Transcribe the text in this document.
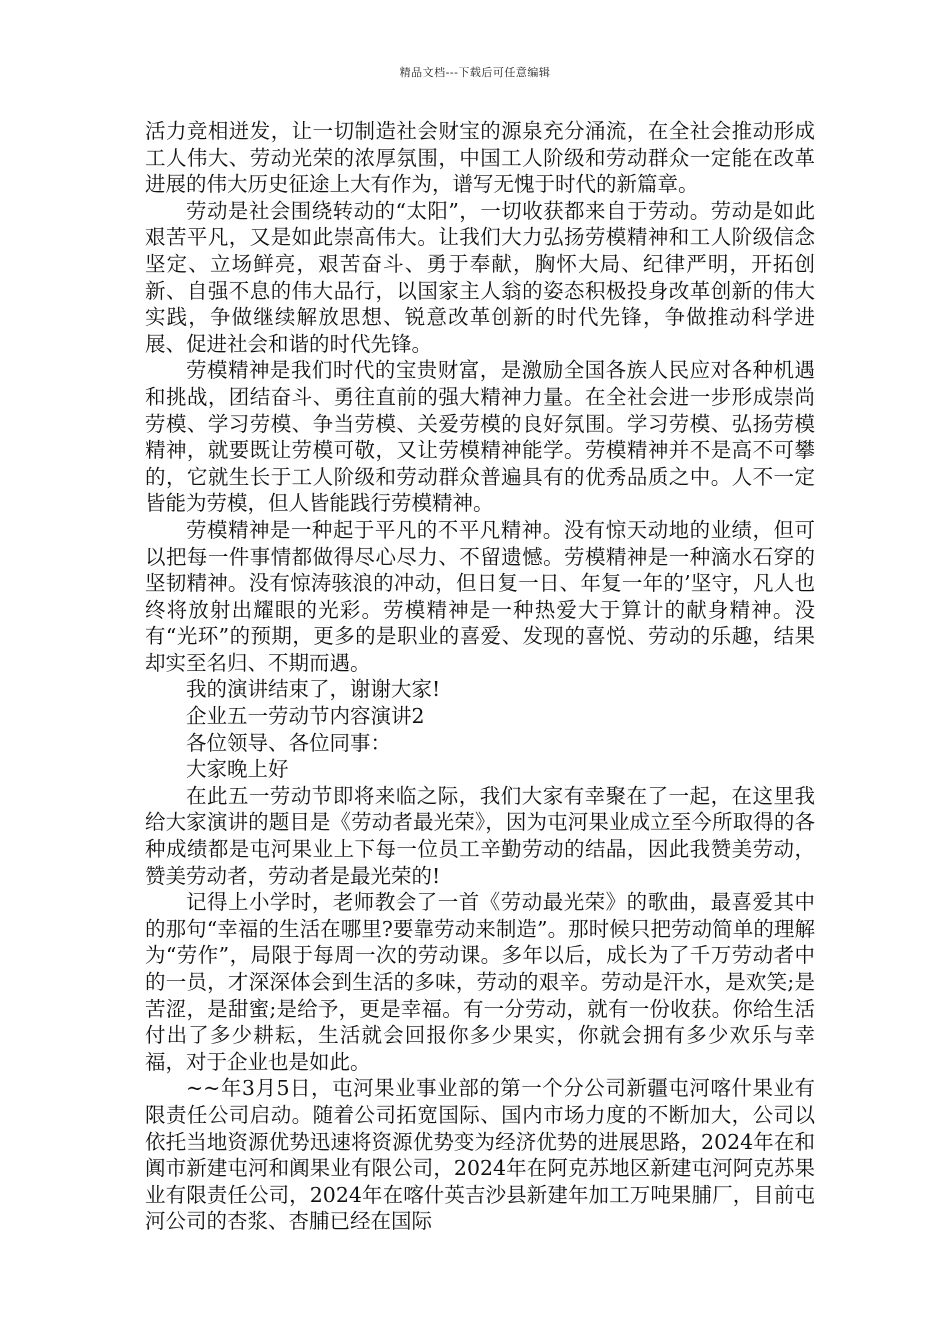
精品文档---下载后可任意编辑

活力竞相迸发，让一切制造社会财宝的源泉充分涌流，在全社会推动形成工人伟大、劳动光荣的浓厚氛围，中国工人阶级和劳动群众一定能在改革进展的伟大历史征途上大有作为，谱写无愧于时代的新篇章。

劳动是社会围绕转动的“太阳”，一切收获都来自于劳动。劳动是如此艰苦平凡，又是如此崇高伟大。让我们大力弘扬劳模精神和工人阶级信念坚定、立场鲜亮，艰苦奋斗、勇于奉献，胸怀大局、纪律严明，开拓创新、自强不息的伟大品行，以国家主人翁的姿态积极投身改革创新的伟大实践，争做继续解放思想、锐意改革创新的时代先锋，争做推动科学进展、促进社会和谐的时代先锋。

劳模精神是我们时代的宝贵财富，是激励全国各族人民应对各种机遇和挑战，团结奋斗、勇往直前的强大精神力量。在全社会进一步形成崇尚劳模、学习劳模、争当劳模、关爱劳模的良好氛围。学习劳模、弘扬劳模精神，就要既让劳模可敬，又让劳模精神能学。劳模精神并不是高不可攀的，它就生长于工人阶级和劳动群众普遍具有的优秀品质之中。人不一定皆能为劳模，但人皆能践行劳模精神。

劳模精神是一种起于平凡的不平凡精神。没有惊天动地的业绩，但可以把每一件事情都做得尽心尽力、不留遗憾。劳模精神是一种滴水石穿的坚韧精神。没有惊涛骇浪的冲动，但日复一日、年复一年的’坚守，凡人也终将放射出耀眼的光彩。劳模精神是一种热爱大于算计的献身精神。没有“光环”的预期，更多的是职业的喜爱、发现的喜悦、劳动的乐趣，结果却实至名归、不期而遇。

我的演讲结束了，谢谢大家!

企业五一劳动节内容演讲2

各位领导、各位同事：

大家晚上好

在此五一劳动节即将来临之际，我们大家有幸聚在了一起，在这里我给大家演讲的题目是《劳动者最光荣》，因为屯河果业成立至今所取得的各种成绩都是屯河果业上下每一位员工辛勤劳动的结晶，因此我赞美劳动，赞美劳动者，劳动者是最光荣的!

记得上小学时，老师教会了一首《劳动最光荣》的歌曲，最喜爱其中的那句“幸福的生活在哪里?要靠劳动来制造”。那时候只把劳动简单的理解为“劳作”，局限于每周一次的劳动课。多年以后，成长为了千万劳动者中的一员，才深深体会到生活的多味，劳动的艰辛。劳动是汗水，是欢笑;是苦涩，是甜蜜;是给予，更是幸福。有一分劳动，就有一份收获。你给生活付出了多少耕耘，生活就会回报你多少果实，你就会拥有多少欢乐与幸福，对于企业也是如此。

~~年3月5日，屯河果业事业部的第一个分公司新疆屯河喀什果业有限责任公司启动。随着公司拓宽国际、国内市场力度的不断加大，公司以依托当地资源优势迅速将资源优势变为经济优势的进展思路，2024年在和阗市新建屯河和阗果业有限公司，2024年在阿克苏地区新建屯河阿克苏果业有限责任公司，2024年在喀什英吉沙县新建年加工万吨果脯厂，目前屯河公司的杏浆、杏脯已经在国际
